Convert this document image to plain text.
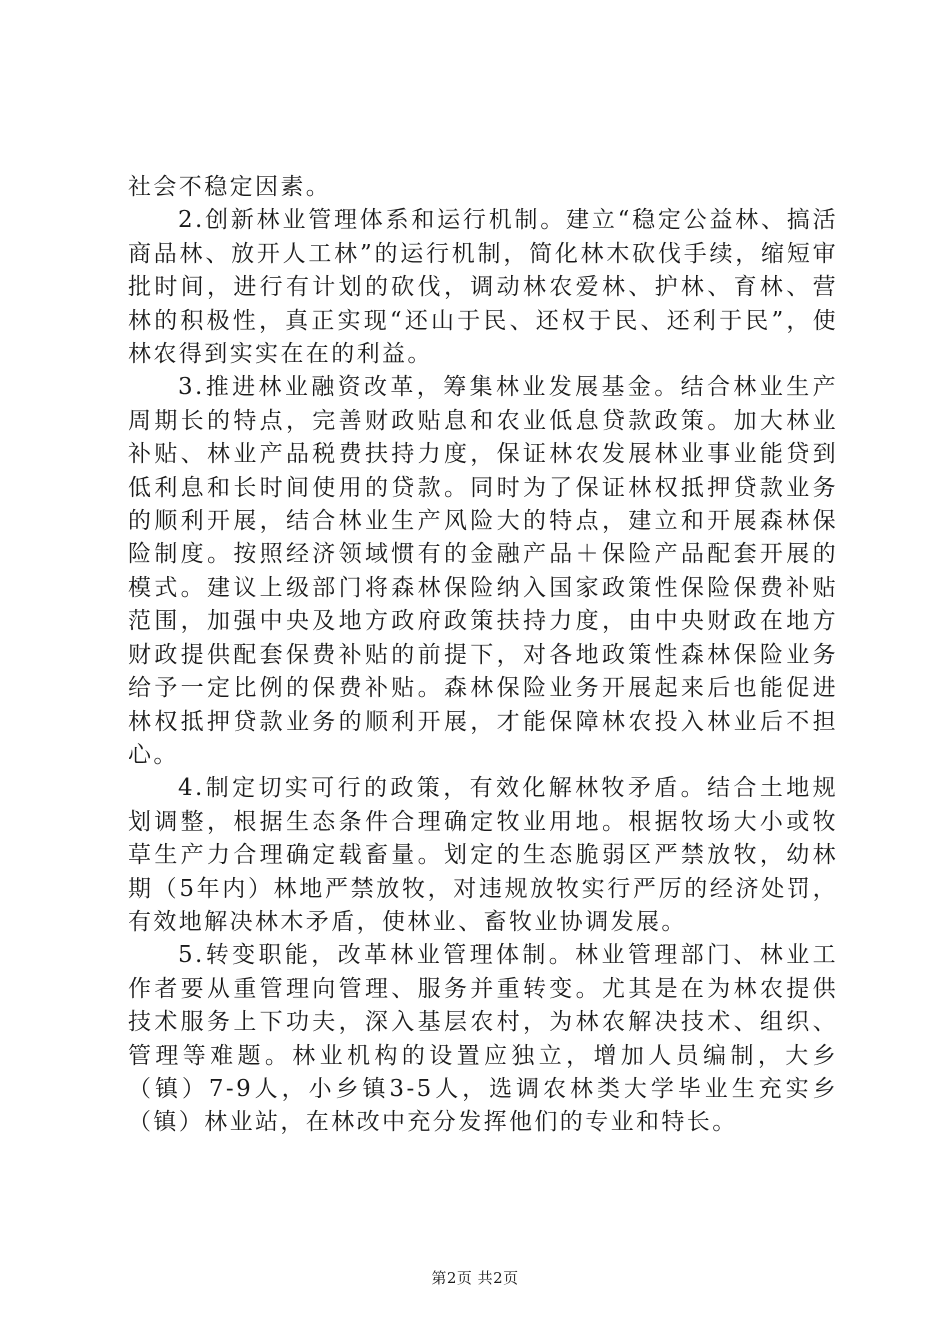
社会不稳定因素。

2.创新林业管理体系和运行机制。建立“稳定公益林、搞活商品林、放开人工林”的运行机制，简化林木砍伐手续，缩短审批时间，进行有计划的砍伐，调动林农爱林、护林、育林、营林的积极性，真正实现“还山于民、还权于民、还利于民”，使林农得到实实在在的利益。

3.推进林业融资改革，筹集林业发展基金。结合林业生产周期长的特点，完善财政贴息和农业低息贷款政策。加大林业补贴、林业产品税费扶持力度，保证林农发展林业事业能贷到低利息和长时间使用的贷款。同时为了保证林权抵押贷款业务的顺利开展，结合林业生产风险大的特点，建立和开展森林保险制度。按照经济领域惯有的金融产品＋保险产品配套开展的模式。建议上级部门将森林保险纳入国家政策性保险保费补贴范围，加强中央及地方政府政策扶持力度，由中央财政在地方财政提供配套保费补贴的前提下，对各地政策性森林保险业务给予一定比例的保费补贴。森林保险业务开展起来后也能促进林权抵押贷款业务的顺利开展，才能保障林农投入林业后不担心。

4.制定切实可行的政策，有效化解林牧矛盾。结合土地规划调整，根据生态条件合理确定牧业用地。根据牧场大小或牧草生产力合理确定载畜量。划定的生态脆弱区严禁放牧，幼林期（5年内）林地严禁放牧，对违规放牧实行严厉的经济处罚，有效地解决林木矛盾，使林业、畜牧业协调发展。

5.转变职能，改革林业管理体制。林业管理部门、林业工作者要从重管理向管理、服务并重转变。尤其是在为林农提供技术服务上下功夫，深入基层农村，为林农解决技术、组织、管理等难题。林业机构的设置应独立，增加人员编制，大乡（镇）7-9人，小乡镇3-5人，选调农林类大学毕业生充实乡（镇）林业站，在林改中充分发挥他们的专业和特长。

第2页 共2页
